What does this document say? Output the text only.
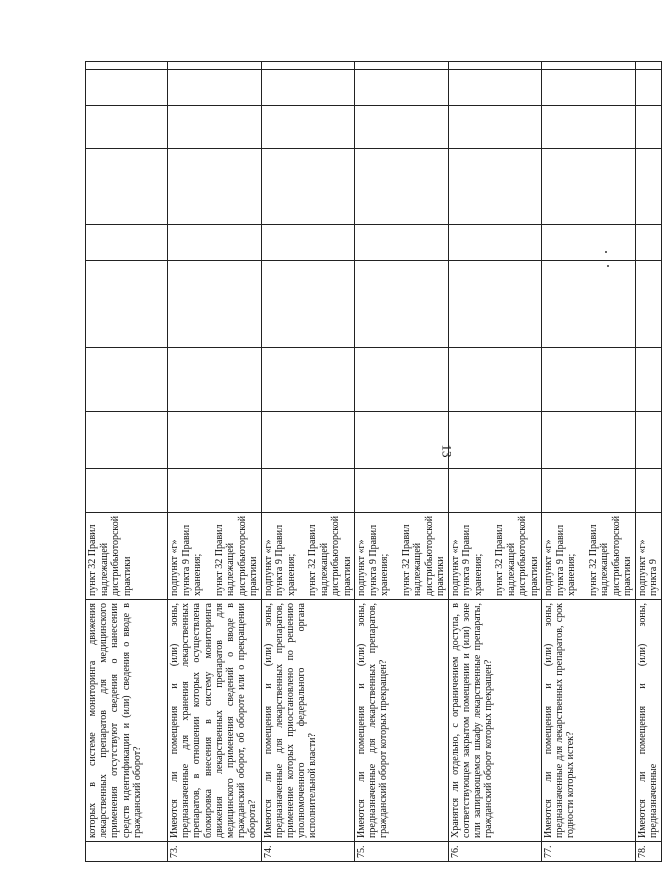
13
	которых в системе мониторинга движения лекарственных препаратов для медицинского применения отсутствуют сведения о нанесении средств идентификации и (или) сведения о вводе в гражданский оборот?	пункт 32 Правил надлежащей дистрибьюторской практики									

73.	Имеются ли помещения и (или) зоны, предназначенные для хранения лекарственных препаратов, в отношении которых осуществлена блокировка внесения в систему мониторинга движения лекарственных препаратов для медицинского применения сведений о вводе в гражданский оборот, об обороте или о прекращении оборота?	подпункт «г» пункта 9 Правил хранения; пункт 32 Правил надлежащей дистрибьюторской практики									

74.	Имеются ли помещения и (или) зоны, предназначенные для лекарственных препаратов, применение которых приостановлено по решению уполномоченного федерального органа исполнительной власти?	подпункт «г» пункта 9 Правил хранения; пункт 32 Правил надлежащей дистрибьюторской практики									

75.	Имеются ли помещения и (или) зоны, предназначенные для лекарственных препаратов, гражданский оборот которых прекращен?	подпункт «г» пункта 9 Правил хранения; пункт 32 Правил надлежащей дистрибьюторской практики									

76.	Хранятся ли отдельно, с ограничением доступа, в соответствующем закрытом помещении и (или) зоне или запирающемся шкафу лекарственные препараты, гражданский оборот которых прекращен?	подпункт «г» пункта 9 Правил хранения; пункт 32 Правил надлежащей дистрибьюторской практики									

77.	Имеются ли помещения и (или) зоны, предназначенные для лекарственных препаратов, срок годности которых истек?	подпункт «г» пункта 9 Правил хранения; пункт 32 Правил надлежащей дистрибьюторской практики									

78.	Имеются ли помещения и (или) зоны, предназначенные	подпункт «г» пункта 9									
